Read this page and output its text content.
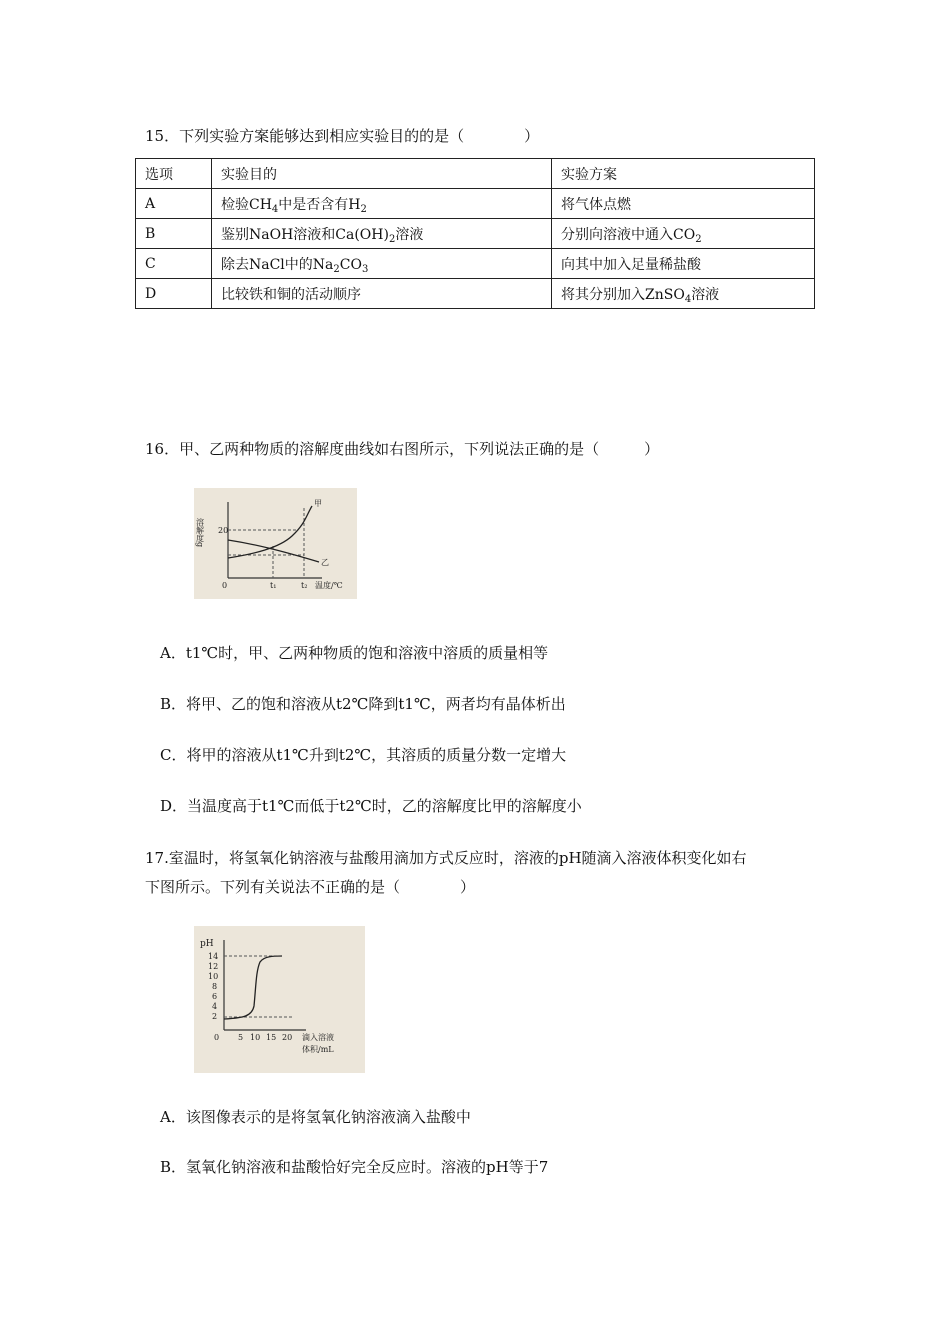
15．下列实验方案能够达到相应实验目的的是（　　　　）
选项	实验目的	实验方案
A	检验$CH_4$中是否含有$H_2$	将气体点燃
B	鉴别NaOH溶液和$Ca(OH)_2$溶液	分别向溶液中通入$CO_2$
C	除去NaCl中的$Na_2CO_3$	向其中加入足量稀盐酸
D	比较铁和铜的活动顺序	将其分别加入ZnSO$_4$溶液
16．甲、乙两种物质的溶解度曲线如右图所示，下列说法正确的是（　　　）
溶解度g 20
0	t₁	t₂ 温度/℃
甲
乙
A．t1℃时，甲、乙两种物质的饱和溶液中溶质的质量相等
B．将甲、乙的饱和溶液从t2℃降到t1℃，两者均有晶体析出
C．将甲的溶液从t1℃升到t2℃，其溶质的质量分数一定增大
D．当温度高于t1℃而低于t2℃时，乙的溶解度比甲的溶解度小
17.室温时，将氢氧化钠溶液与盐酸用滴加方式反应时，溶液的pH随滴入溶液体积变化如右
下图所示。下列有关说法不正确的是（　　　　）
pH
14
12
10
8
6
4
2
0 5 10 15 20 滴入溶液
体积/mL
A．该图像表示的是将氢氧化钠溶液滴入盐酸中
B．氢氧化钠溶液和盐酸恰好完全反应时。溶液的pH等于7
